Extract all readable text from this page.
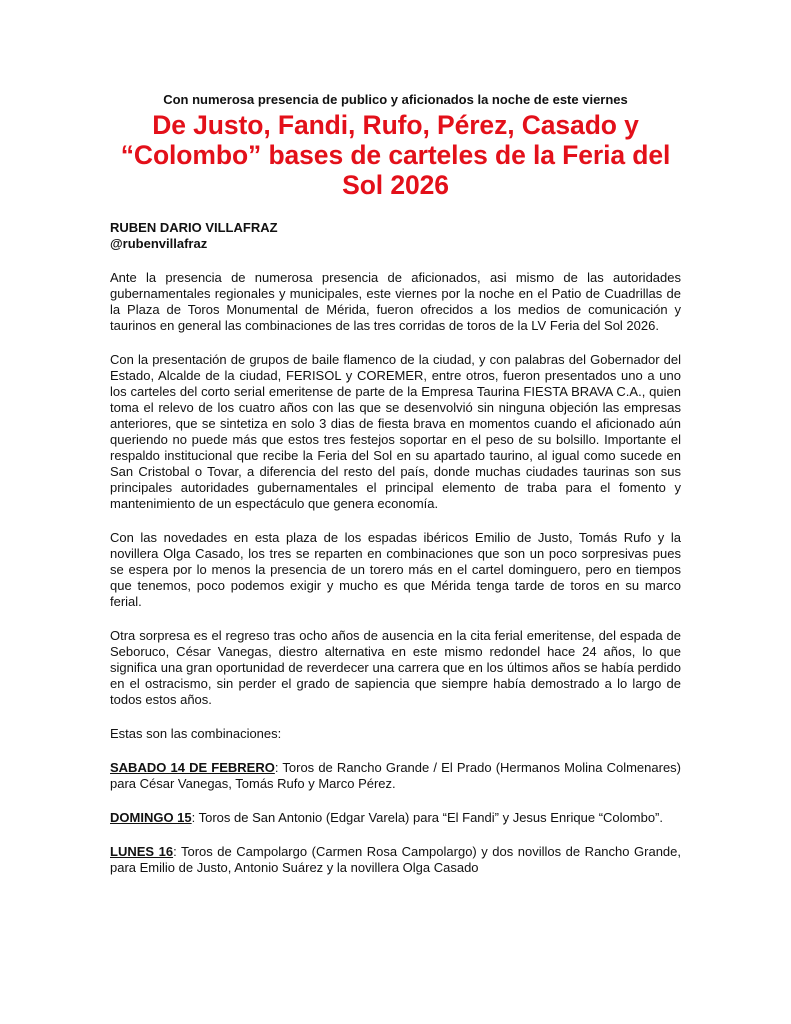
Con numerosa presencia de publico y aficionados la noche de este viernes

De Justo, Fandi, Rufo, Pérez, Casado y “Colombo” bases de carteles de la Feria del Sol 2026
RUBEN DARIO VILLAFRAZ
@rubenvillafraz

Ante la presencia de numerosa presencia de aficionados, asi mismo de las autoridades gubernamentales regionales y municipales, este viernes por la noche en el Patio de Cuadrillas de la Plaza de Toros Monumental de Mérida, fueron ofrecidos a los medios de comunicación y taurinos en general las combinaciones de las tres corridas de toros de la LV Feria del Sol 2026.

Con la presentación de grupos de baile flamenco de la ciudad, y con palabras del Gobernador del Estado, Alcalde de la ciudad, FERISOL y COREMER, entre otros, fueron presentados uno a uno los carteles del corto serial emeritense de parte de la Empresa Taurina FIESTA BRAVA C.A., quien toma el relevo de los cuatro años con las que se desenvolvió sin ninguna objeción las empresas anteriores, que se sintetiza en solo 3 dias de fiesta brava en momentos cuando el aficionado aún queriendo no puede más que estos tres festejos soportar en el peso de su bolsillo. Importante el respaldo institucional que recibe la Feria del Sol en su apartado taurino, al igual como sucede en San Cristobal o Tovar, a diferencia del resto del país, donde muchas ciudades taurinas son sus principales autoridades gubernamentales el principal elemento de traba para el fomento y mantenimiento de un espectáculo que genera economía.

Con las novedades en esta plaza de los espadas ibéricos Emilio de Justo, Tomás Rufo y la novillera Olga Casado, los tres se reparten en combinaciones que son un poco sorpresivas pues se espera por lo menos la presencia de un torero más en el cartel dominguero, pero en tiempos que tenemos, poco podemos exigir y mucho es que Mérida tenga tarde de toros en su marco ferial.

Otra sorpresa es el regreso tras ocho años de ausencia en la cita ferial emeritense, del espada de Seboruco, César Vanegas, diestro alternativa en este mismo redondel hace 24 años, lo que significa una gran oportunidad de reverdecer una carrera que en los últimos años se había perdido en el ostracismo, sin perder el grado de sapiencia que siempre había demostrado a lo largo de todos estos años.

Estas son las combinaciones:

SABADO 14 DE FEBRERO: Toros de Rancho Grande / El Prado (Hermanos Molina Colmenares) para César Vanegas, Tomás Rufo y Marco Pérez.

DOMINGO 15: Toros de San Antonio (Edgar Varela) para “El Fandi” y Jesus Enrique “Colombo”.

LUNES 16: Toros de Campolargo (Carmen Rosa Campolargo) y dos novillos de Rancho Grande, para Emilio de Justo, Antonio Suárez y la novillera Olga Casado
